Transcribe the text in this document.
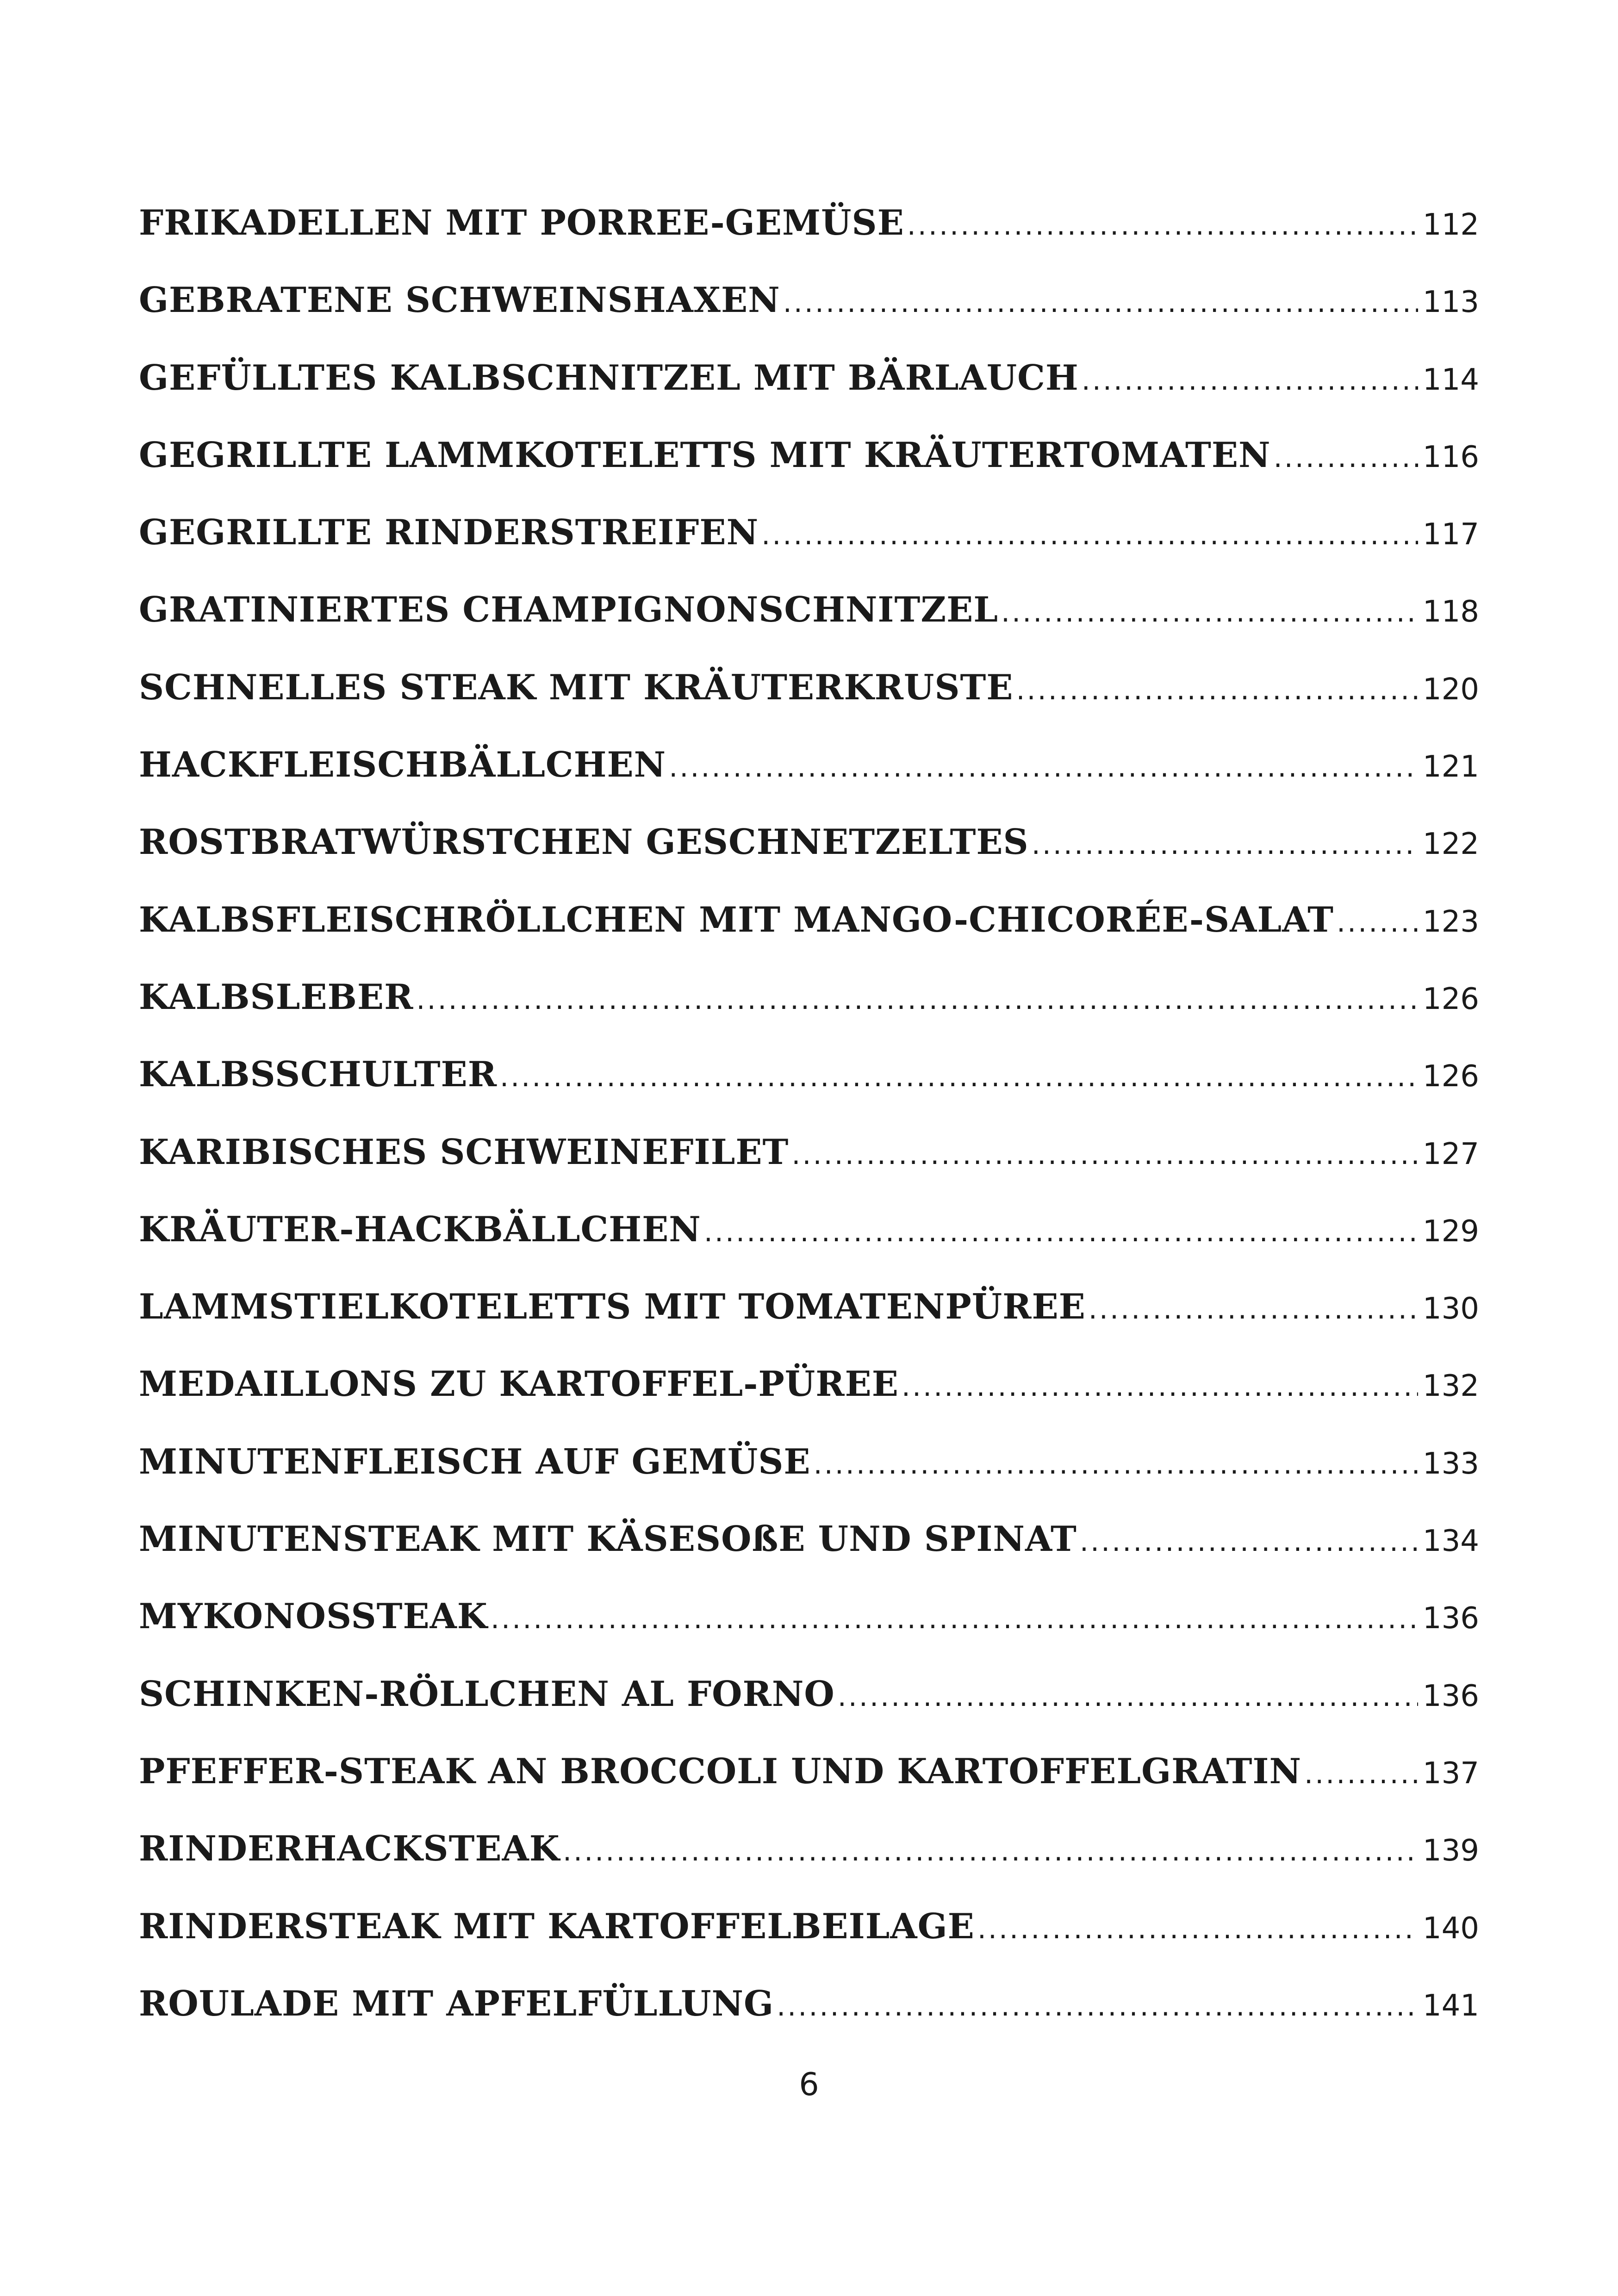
FRIKADELLEN MIT PORREE-GEMÜSE .....	112
GEBRATENE SCHWEINSHAXEN .....	113
GEFÜLLTES KALBSCHNITZEL MIT BÄRLAUCH .....	114
GEGRILLTE LAMMKOTELETTS MIT KRÄUTERTOMATEN .....	116
GEGRILLTE RINDERSTREIFEN .....	117
GRATINIERTES CHAMPIGNONSCHNITZEL .....	118
SCHNELLES STEAK MIT KRÄUTERKRUSTE .....	120
HACKFLEISCHBÄLLCHEN .....	121
ROSTBRATWÜRSTCHEN GESCHNETZELTES .....	122
KALBSFLEISCHRÖLLCHEN MIT MANGO-CHICORÉE-SALAT .....	123
KALBSLEBER .....	126
KALBSSCHULTER .....	126
KARIBISCHES SCHWEINEFILET .....	127
KRÄUTER-HACKBÄLLCHEN .....	129
LAMMSTIELKOTELETTS MIT TOMATENPÜREE .....	130
MEDAILLONS ZU KARTOFFEL-PÜREE .....	132
MINUTENFLEISCH AUF GEMÜSE .....	133
MINUTENSTEAK MIT KÄSESOßE UND SPINAT .....	134
MYKONOSSTEAK .....	136
SCHINKEN-RÖLLCHEN AL FORNO .....	136
PFEFFER-STEAK AN BROCCOLI UND KARTOFFELGRATIN .....	137
RINDERHACKSTEAK .....	139
RINDERSTEAK MIT KARTOFFELBEILAGE .....	140
ROULADE MIT APFELFÜLLUNG .....	141
6
